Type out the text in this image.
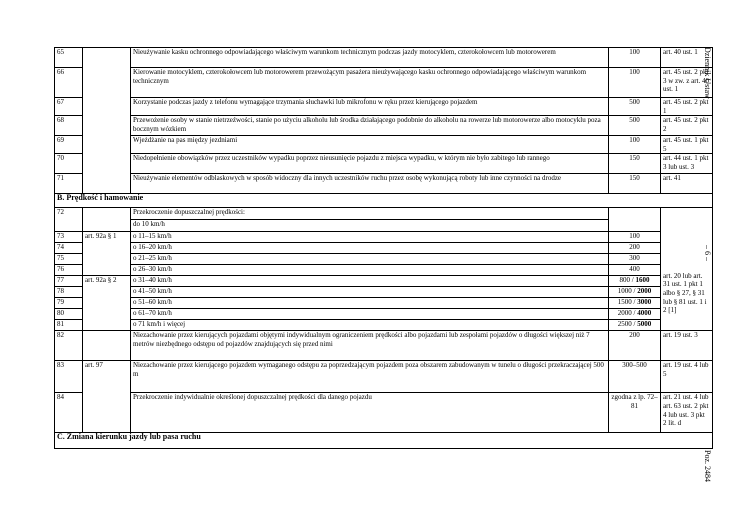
65		Nieużywanie kasku ochronnego odpowiadającego właściwym warunkom technicznym podczas jazdy motocyklem, czterokołowcem lub motorowerem	100	art. 40 ust. 1
66		Kierowanie motocyklem, czterokołowcem lub motorowerem przewożącym pasażera nieużywającego kasku ochronnego odpowiadającego właściwym warunkom technicznym	100	art. 45 ust. 2 pkt 3 w zw. z art. 40 ust. 1
67		Korzystanie podczas jazdy z telefonu wymagające trzymania słuchawki lub mikrofonu w ręku przez kierującego pojazdem	500	art. 45 ust. 2 pkt 1
68		Przewożenie osoby w stanie nietrzeźwości, stanie po użyciu alkoholu lub środka działającego podobnie do alkoholu na rowerze lub motorowerze albo motocyklu poza bocznym wózkiem	500	art. 45 ust. 2 pkt 2
69		Wjeżdżanie na pas między jezdniami	100	art. 45 ust. 1 pkt 5
70		Niedopełnienie obowiązków przez uczestników wypadku poprzez nieusunięcie pojazdu z miejsca wypadku, w którym nie było zabitego lub rannego	150	art. 44 ust. 1 pkt 3 lub ust. 3
71		Nieużywanie elementów odblaskowych w sposób widoczny dla innych uczestników ruchu przez osobę wykonującą roboty lub inne czynności na drodze	150	art. 41
B. Prędkość i hamowanie				
72		Przekroczenie dopuszczalnej prędkości:		art. 20 lub art. 31 ust. 1 pkt 1 albo § 27, § 31 lub § 81 ust. 1 i 2 [1]
		do 10 km/h		
73	art. 92a § 1	o 11–15 km/h	100	
74		o 16–20 km/h	200	
75		o 21–25 km/h	300	
76		o 26–30 km/h	400	
77	art. 92a § 2	o 31–40 km/h	800 / 1600	
78		o 41–50 km/h	1000 / 2000	
79		o 51–60 km/h	1500 / 3000	
80		o 61–70 km/h	2000 / 4000	
81		o 71 km/h i więcej	2500 / 5000	
82		Niezachowanie przez kierujących pojazdami objętymi indywidualnym ograniczeniem prędkości albo pojazdami lub zespołami pojazdów o długości większej niż 7 metrów niezbędnego odstępu od pojazdów znajdujących się przed nimi	200	art. 19 ust. 3
83	art. 97	Niezachowanie przez kierującego pojazdem wymaganego odstępu za poprzedzającym pojazdem poza obszarem zabudowanym w tunelu o długości przekraczającej 500 m	300–500	art. 19 ust. 4 lub 5
84		Przekroczenie indywidualnie określonej dopuszczalnej prędkości dla danego pojazdu	zgodna z lp. 72–81	art. 21 ust. 4 lub art. 63 ust. 2 pkt 4 lub ust. 3 pkt 2 lit. d
C. Zmiana kierunku jazdy lub pasa ruchu				
Dziennik Ustaw
– 6 –
Poz. 2484
